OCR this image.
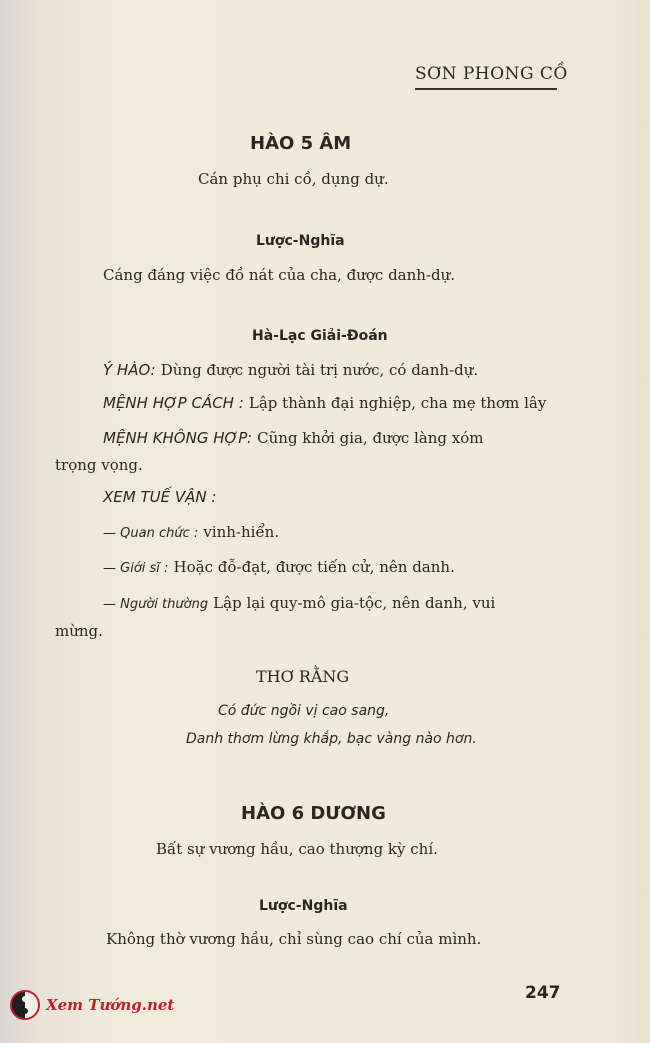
SƠN PHONG CỒ
HÀO 5 ÂM
Cán phụ chi cồ, dụng dự.
Lược-Nghĩa
Cáng đáng việc đồ nát của cha, được danh-dự.
Hà-Lạc Giải-Đoán
Ý HÀO: Dùng được người tài trị nước, có danh-dự.
MỆNH HỢP CÁCH : Lập thành đại nghiệp, cha mẹ thơm lây
MỆNH KHÔNG HỢP: Cũng khởi gia, được làng xóm
trọng vọng.
XEM TUẾ VẬN :
— Quan chức : vinh-hiển.
— Giới sĩ : Hoặc đỗ-đạt, được tiến cử, nên danh.
— Người thường Lập lại quy-mô gia-tộc, nên danh, vui
mừng.
THƠ RẰNG
Có đức ngồi vị cao sang,
Danh thơm lừng khắp, bạc vàng nào hơn.
HÀO 6 DƯƠNG
Bất sự vương hầu, cao thượng kỳ chí.
Lược-Nghĩa
Không thờ vương hầu, chỉ sùng cao chí của mình.
247
Xem Tướng.net
